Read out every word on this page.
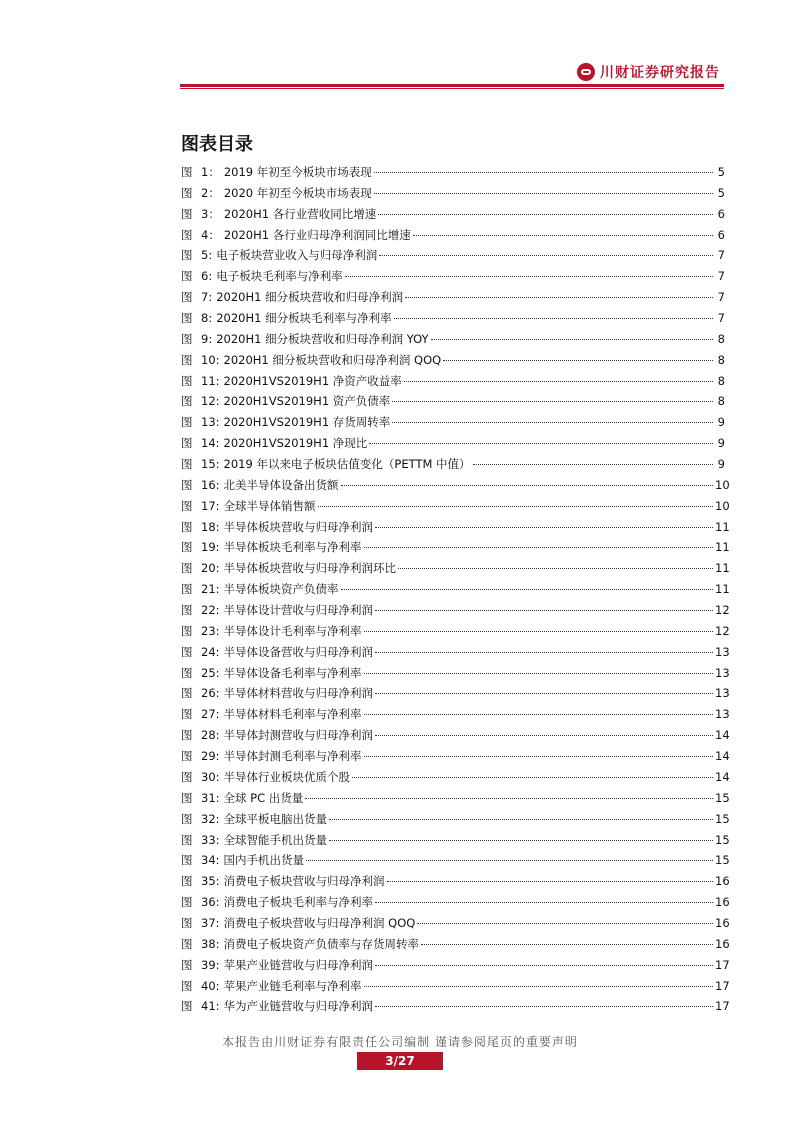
川财证券研究报告
图表目录
图 1： 2019 年初至今板块市场表现	5
图 2： 2020 年初至今板块市场表现	5
图 3： 2020H1 各行业营收同比增速	6
图 4： 2020H1 各行业归母净利润同比增速	6
图 5: 电子板块营业收入与归母净利润	7
图 6: 电子板块毛利率与净利率	7
图 7: 2020H1 细分板块营收和归母净利润	7
图 8: 2020H1 细分板块毛利率与净利率	7
图 9: 2020H1 细分板块营收和归母净利润 YOY	8
图 10: 2020H1 细分板块营收和归母净利润 QOQ	8
图 11: 2020H1VS2019H1 净资产收益率	8
图 12: 2020H1VS2019H1 资产负债率	8
图 13: 2020H1VS2019H1 存货周转率	9
图 14: 2020H1VS2019H1 净现比	9
图 15: 2019 年以来电子板块估值变化（PETTM 中值）	9
图 16: 北美半导体设备出货额	10
图 17: 全球半导体销售额	10
图 18: 半导体板块营收与归母净利润	11
图 19: 半导体板块毛利率与净利率	11
图 20: 半导体板块营收与归母净利润环比	11
图 21: 半导体板块资产负债率	11
图 22: 半导体设计营收与归母净利润	12
图 23: 半导体设计毛利率与净利率	12
图 24: 半导体设备营收与归母净利润	13
图 25: 半导体设备毛利率与净利率	13
图 26: 半导体材料营收与归母净利润	13
图 27: 半导体材料毛利率与净利率	13
图 28: 半导体封测营收与归母净利润	14
图 29: 半导体封测毛利率与净利率	14
图 30: 半导体行业板块优质个股	14
图 31: 全球 PC 出货量	15
图 32: 全球平板电脑出货量	15
图 33: 全球智能手机出货量	15
图 34: 国内手机出货量	15
图 35: 消费电子板块营收与归母净利润	16
图 36: 消费电子板块毛利率与净利率	16
图 37: 消费电子板块营收与归母净利润 QOQ	16
图 38: 消费电子板块资产负债率与存货周转率	16
图 39: 苹果产业链营收与归母净利润	17
图 40: 苹果产业链毛利率与净利率	17
图 41: 华为产业链营收与归母净利润	17
本报告由川财证券有限责任公司编制 谨请参阅尾页的重要声明
3/27
